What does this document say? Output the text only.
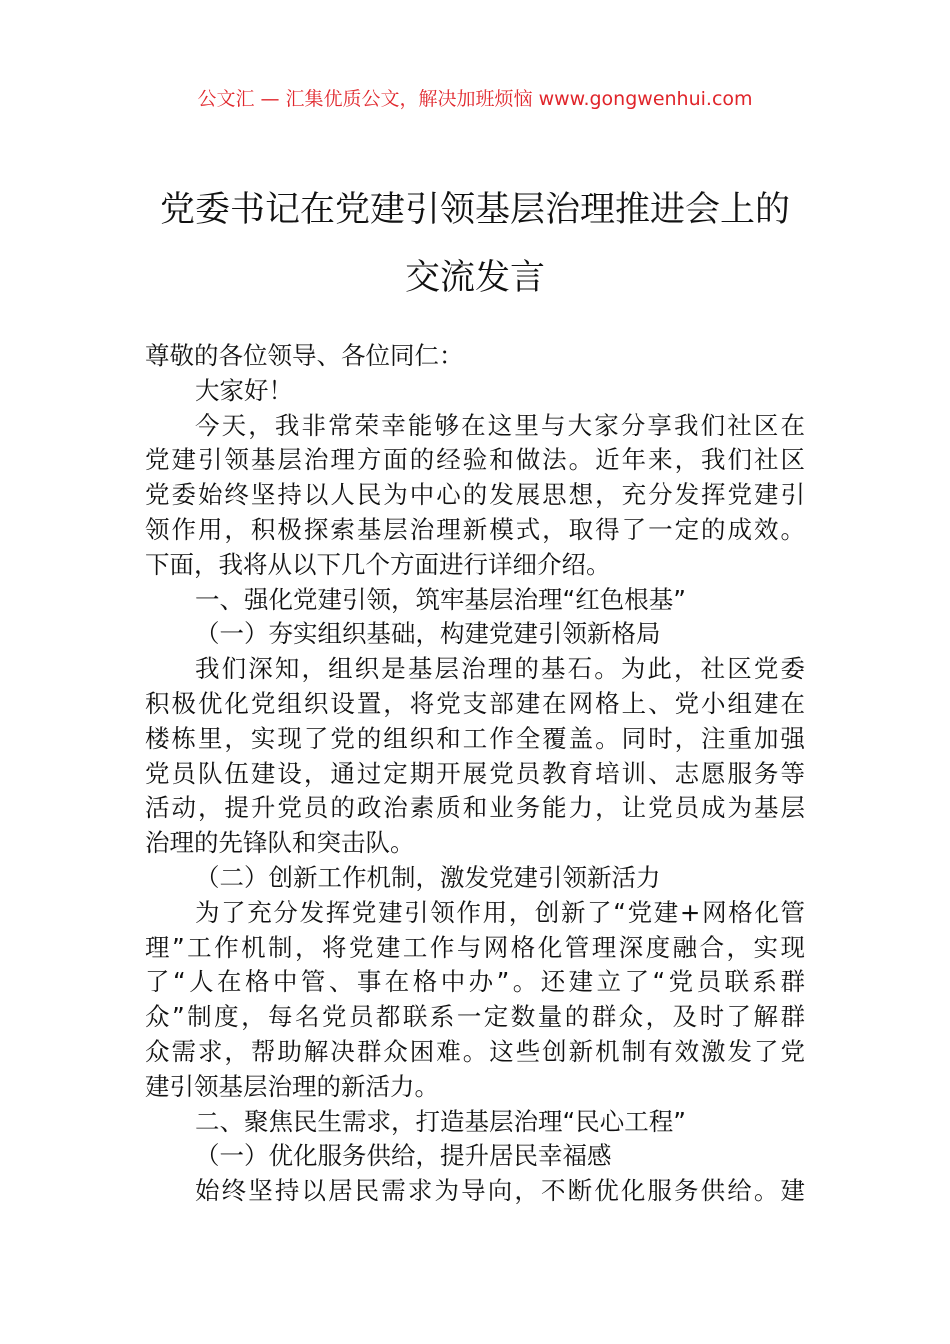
公文汇 — 汇集优质公文，解决加班烦恼 www.gongwenhui.com
党委书记在党建引领基层治理推进会上的
交流发言
尊敬的各位领导、各位同仁：
大家好！
今天，我非常荣幸能够在这里与大家分享我们社区在
党建引领基层治理方面的经验和做法。近年来，我们社区
党委始终坚持以人民为中心的发展思想，充分发挥党建引
领作用，积极探索基层治理新模式，取得了一定的成效。
下面，我将从以下几个方面进行详细介绍。
一、强化党建引领，筑牢基层治理“红色根基”
（一）夯实组织基础，构建党建引领新格局
我们深知，组织是基层治理的基石。为此，社区党委
积极优化党组织设置，将党支部建在网格上、党小组建在
楼栋里，实现了党的组织和工作全覆盖。同时，注重加强
党员队伍建设，通过定期开展党员教育培训、志愿服务等
活动，提升党员的政治素质和业务能力，让党员成为基层
治理的先锋队和突击队。
（二）创新工作机制，激发党建引领新活力
为了充分发挥党建引领作用，创新了“党建+网格化管
理”工作机制，将党建工作与网格化管理深度融合，实现
了“人在格中管、事在格中办”。还建立了“党员联系群
众”制度，每名党员都联系一定数量的群众，及时了解群
众需求，帮助解决群众困难。这些创新机制有效激发了党
建引领基层治理的新活力。
二、聚焦民生需求，打造基层治理“民心工程”
（一）优化服务供给，提升居民幸福感
始终坚持以居民需求为导向，不断优化服务供给。建
